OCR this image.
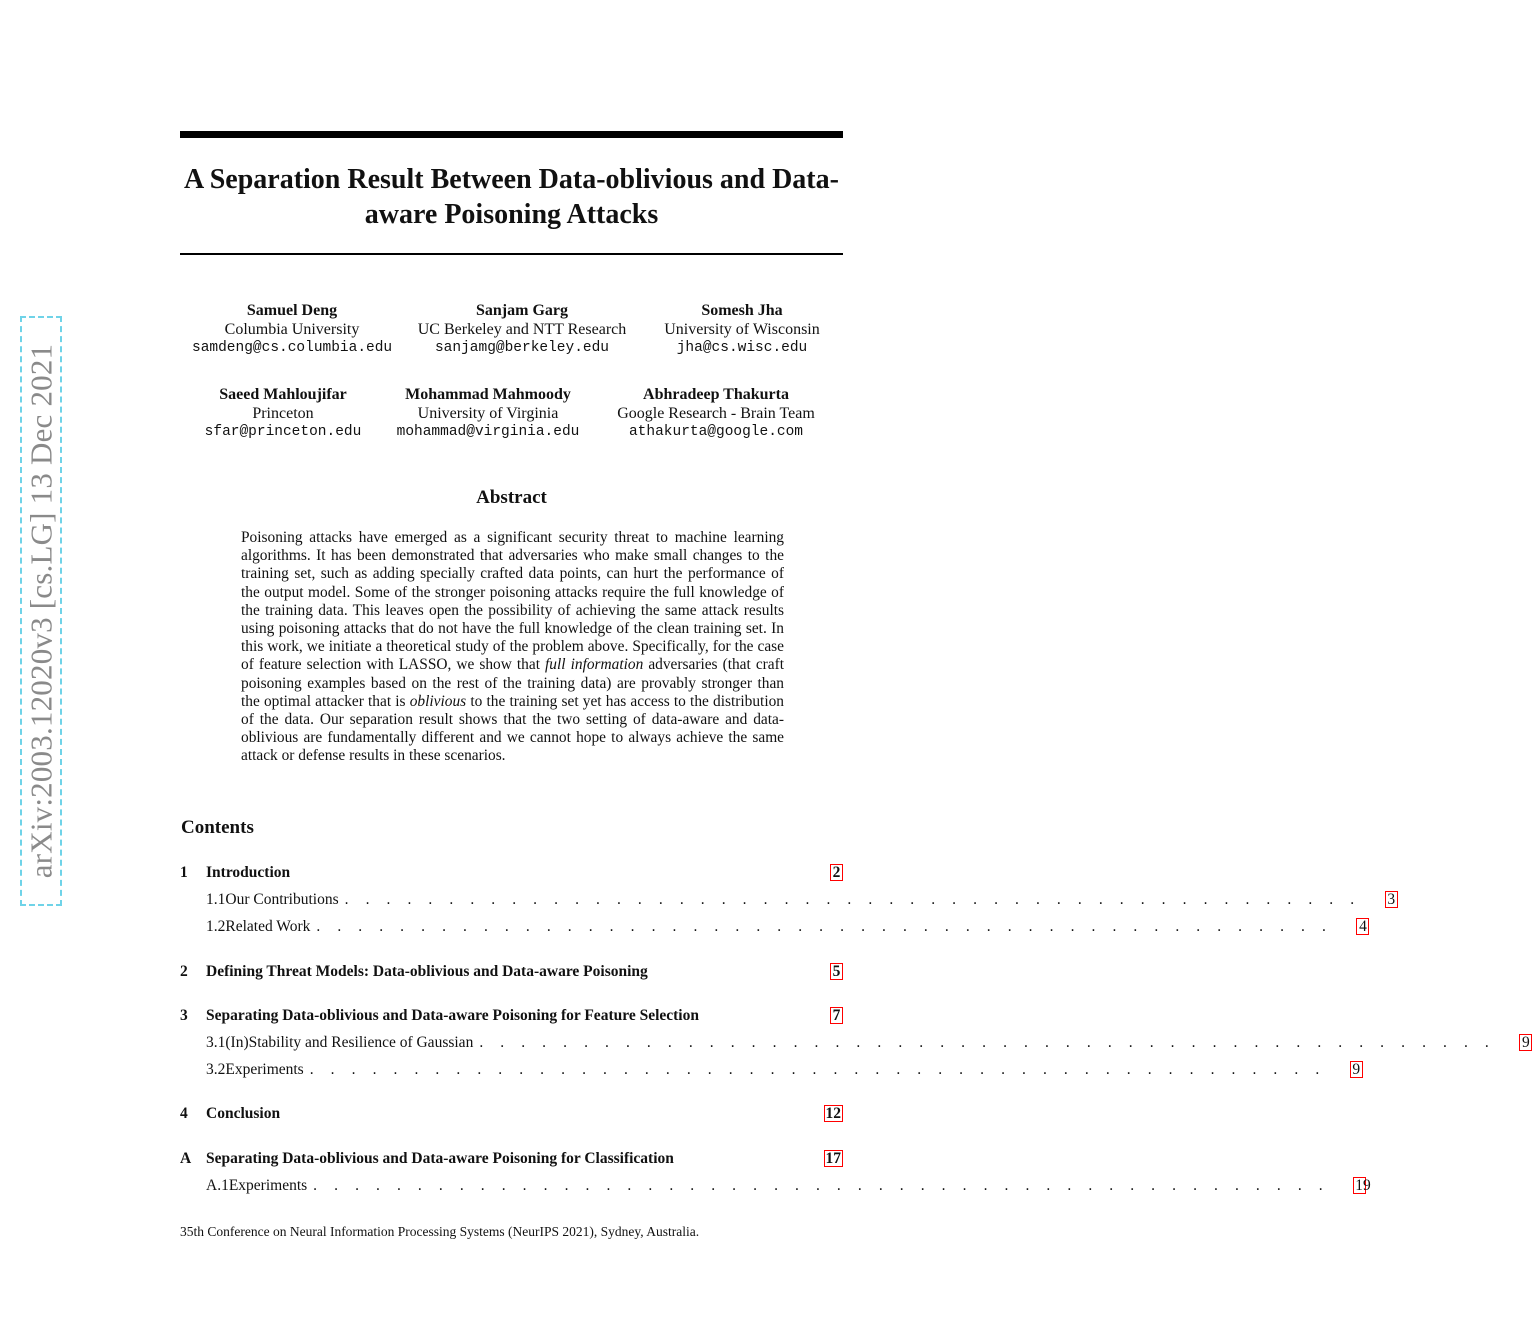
arXiv:2003.12020v3 [cs.LG] 13 Dec 2021
A Separation Result Between Data-oblivious and Data-aware Poisoning Attacks
Samuel Deng
Columbia University
samdeng@cs.columbia.edu
Sanjam Garg
UC Berkeley and NTT Research
sanjamg@berkeley.edu
Somesh Jha
University of Wisconsin
jha@cs.wisc.edu
Saeed Mahloujifar
Princeton
sfar@princeton.edu
Mohammad Mahmoody
University of Virginia
mohammad@virginia.edu
Abhradeep Thakurta
Google Research - Brain Team
athakurta@google.com
Abstract

Poisoning attacks have emerged as a significant security threat to machine learning algorithms. It has been demonstrated that adversaries who make small changes to the training set, such as adding specially crafted data points, can hurt the performance of the output model. Some of the stronger poisoning attacks require the full knowledge of the training data. This leaves open the possibility of achieving the same attack results using poisoning attacks that do not have the full knowledge of the clean training set. In this work, we initiate a theoretical study of the problem above. Specifically, for the case of feature selection with LASSO, we show that full information adversaries (that craft poisoning examples based on the rest of the training data) are provably stronger than the optimal attacker that is oblivious to the training set yet has access to the distribution of the data. Our separation result shows that the two setting of data-aware and data-oblivious are fundamentally different and we cannot hope to always achieve the same attack or defense results in these scenarios.

Contents
1	Introduction	2
1.1 Our Contributions . . . . . . . . . . . . . . . . . . . . . . . . . . . . . . . . . . . . . . . . . . . . . . . . . 3
1.2 Related Work . . . . . . . . . . . . . . . . . . . . . . . . . . . . . . . . . . . . . . . . . . . . . . . . . 4
2	Defining Threat Models: Data-oblivious and Data-aware Poisoning	5
3	Separating Data-oblivious and Data-aware Poisoning for Feature Selection	7
3.1 (In)Stability and Resilience of Gaussian . . . . . . . . . . . . . . . . . . . . . . . . . . . . . . . . . . . . . . . . . . . . . . . . . 9
3.2 Experiments . . . . . . . . . . . . . . . . . . . . . . . . . . . . . . . . . . . . . . . . . . . . . . . . . 9
4	Conclusion	12
A Separating Data-oblivious and Data-aware Poisoning for Classification	17
A.1 Experiments . . . . . . . . . . . . . . . . . . . . . . . . . . . . . . . . . . . . . . . . . . . . . . . . . 19

35th Conference on Neural Information Processing Systems (NeurIPS 2021), Sydney, Australia.
